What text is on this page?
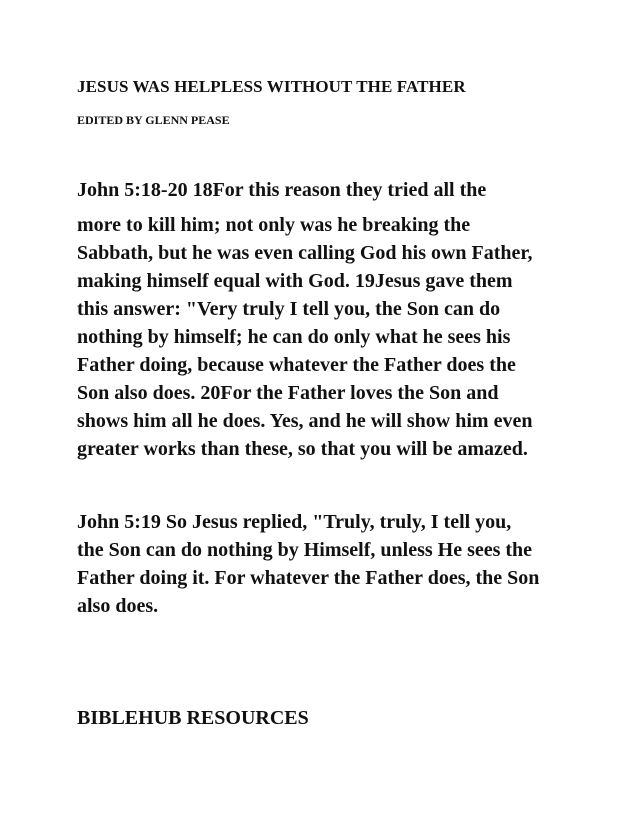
JESUS WAS HELPLESS WITHOUT THE FATHER
EDITED BY GLENN PEASE
John 5:18-20 18For this reason they tried all the
more to kill him; not only was he breaking the
Sabbath, but he was even calling God his own Father,
making himself equal with God. 19Jesus gave them
this answer: "Very truly I tell you, the Son can do
nothing by himself; he can do only what he sees his
Father doing, because whatever the Father does the
Son also does. 20For the Father loves the Son and
shows him all he does. Yes, and he will show him even
greater works than these, so that you will be amazed.
John 5:19 So Jesus replied, "Truly, truly, I tell you,
the Son can do nothing by Himself, unless He sees the
Father doing it. For whatever the Father does, the Son
also does.
BIBLEHUB RESOURCES
